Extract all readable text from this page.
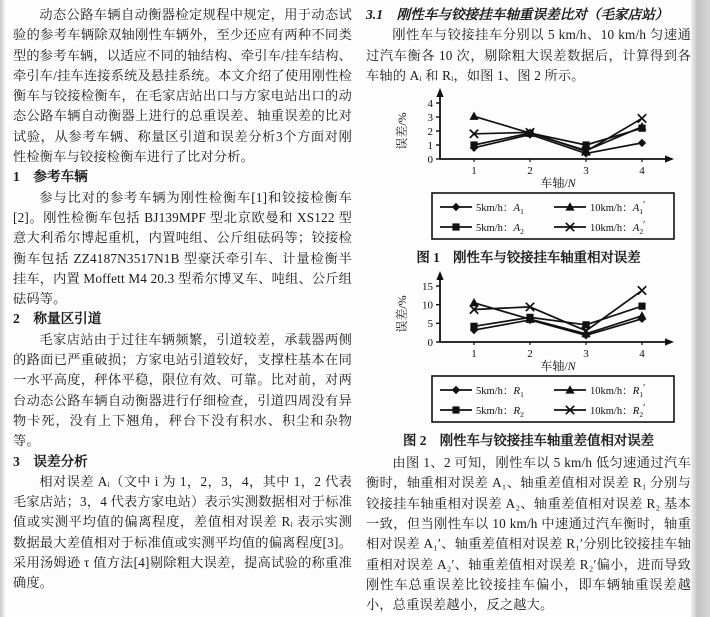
动态公路车辆自动衡器检定规程中规定，用于动态试验的参考车辆除双轴刚性车辆外，至少还应有两种不同类型的参考车辆，以适应不同的轴结构、牵引车/挂车结构、牵引车/挂车连接系统及悬挂系统。本文介绍了使用刚性检衡车与铰接检衡车，在毛家店站出口与方家电站出口的动态公路车辆自动衡器上进行的总重误差、轴重误差的比对试验，从参考车辆、称量区引道和误差分析3个方面对刚性检衡车与铰接检衡车进行了比对分析。

1　参考车辆

参与比对的参考车辆为刚性检衡车[1]和铰接检衡车[2]。刚性检衡车包括 BJ139MPF 型北京欧曼和 XS122 型意大利希尔博起重机，内置吨组、公斤组砝码等；铰接检衡车包括 ZZ4187N3517N1B 型豪沃牵引车、计量检衡半挂车，内置 Moffett M4 20.3 型希尔博叉车、吨组、公斤组砝码等。

2　称量区引道

毛家店站由于过往车辆频繁，引道较差，承载器两侧的路面已严重破损；方家电站引道较好，支撑柱基本在同一水平高度，秤体平稳，限位有效、可靠。比对前，对两台动态公路车辆自动衡器进行仔细检查，引道四周没有异物卡死，没有上下翘角，秤台下没有积水、积尘和杂物等。

3　误差分析

相对误差 Aᵢ（文中 i 为 1，2，3，4，其中 1，2 代表毛家店站；3，4 代表方家电站）表示实测数据相对于标准值或实测平均值的偏离程度，差值相对误差 Rᵢ 表示实测数据最大差值相对于标准值或实测平均值的偏离程度[3]。采用汤姆逊 τ 值方法[4]剔除粗大误差，提高试验的称重准确度。

3.1　刚性车与铰接挂车轴重误差比对（毛家店站）

刚性车与铰接挂车分别以 5 km/h、10 km/h 匀速通过汽车衡各 10 次，剔除粗大误差数据后，计算得到各车轴的 Aᵢ 和 Rᵢ，如图 1、图 2 所示。

0
1
2
3
4
1	2	3	4
车轴/N
误差/%
5km/h：$A_1$
5km/h：$A_2$
10km/h：$A_1'$
10km/h：$A_2'$
图 1　刚性车与铰接挂车轴重相对误差
0
5
10
15
1	2	3	4
车轴/N
误差/%
5km/h：$R_1$
5km/h：$R_2$
10km/h：$R_1'$
10km/h：$R_2'$
图 2　刚性车与铰接挂车轴重差值相对误差

由图 1、2 可知，刚性车以 5 km/h 低匀速通过汽车衡时，轴重相对误差 A₁、轴重差值相对误差 R₁ 分别与铰接挂车轴重相对误差 A₂、轴重差值相对误差 R₂ 基本一致，但当刚性车以 10 km/h 中速通过汽车衡时，轴重相对误差 A₁′、轴重差值相对误差 R₁′分别比铰接挂车轴重相对误差 A₂′、轴重差值相对误差 R₂′偏小，进而导致刚性车总重误差比铰接挂车偏小，即车辆轴重误差越小，总重误差越小，反之越大。
